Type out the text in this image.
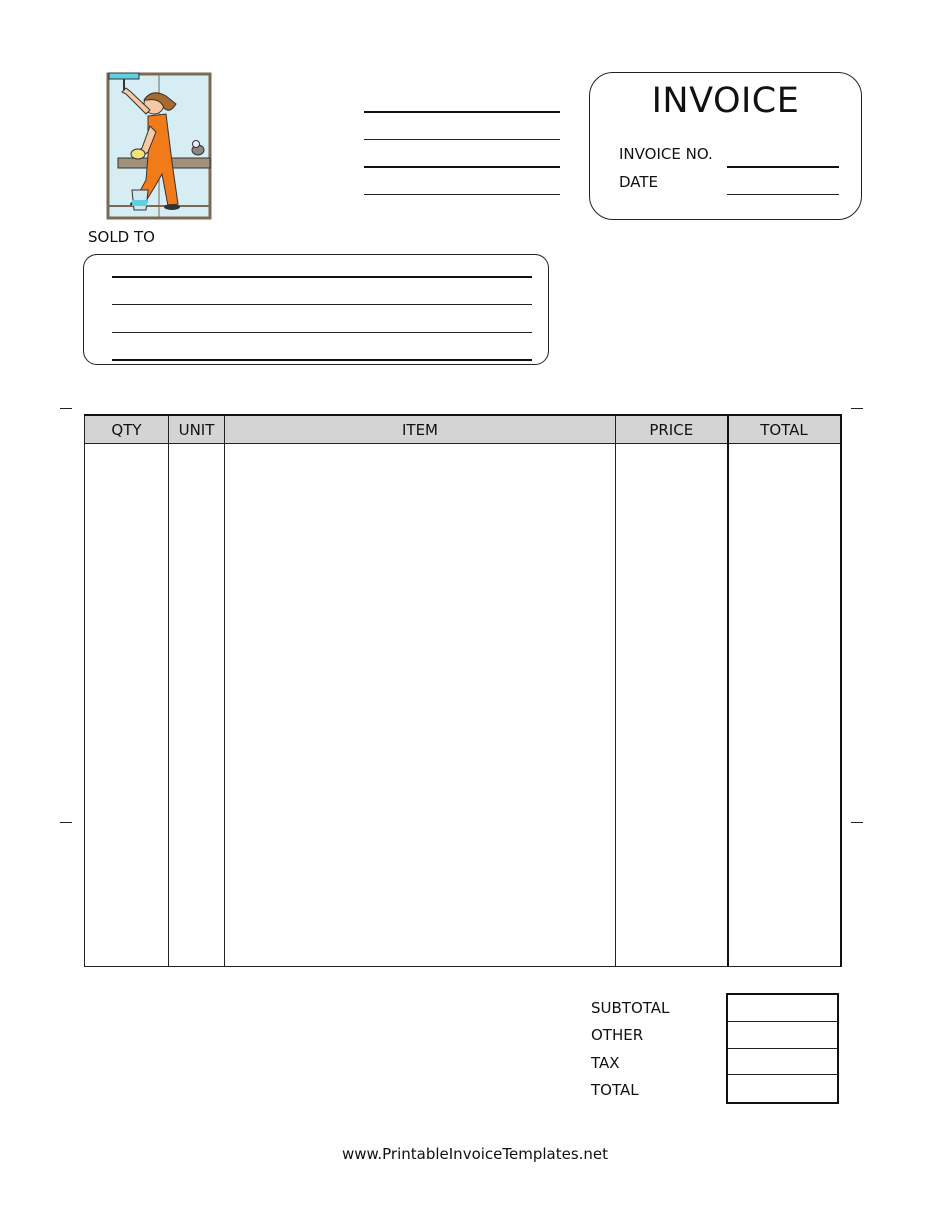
INVOICE
INVOICE NO.
DATE
SOLD TO
QTY	UNIT	ITEM	PRICE	TOTAL

SUBTOTAL
OTHER
TAX
TOTAL
www.PrintableInvoiceTemplates.net
